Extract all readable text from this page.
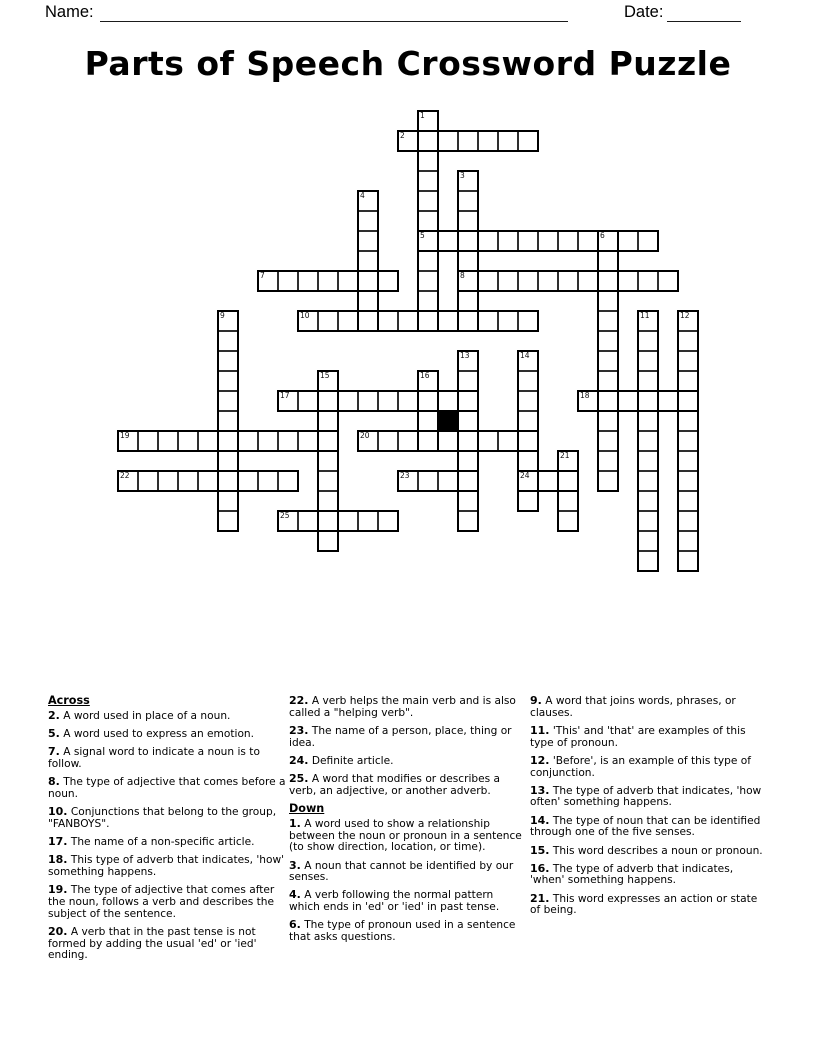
Name:	Date:
Parts of Speech Crossword Puzzle
1
2
3
4
5	6
7	8
9	10	11	12
13	14
15	16
17	18
19	20
21
22	23	24
25

Across

2. A word used in place of a noun.

5. A word used to express an emotion.

7. A signal word to indicate a noun is to follow.

8. The type of adjective that comes before a noun.

10. Conjunctions that belong to the group, "FANBOYS".

17. The name of a non-specific article.

18. This type of adverb that indicates, 'how' something happens.

19. The type of adjective that comes after the noun, follows a verb and describes the subject of the sentence.

20. A verb that in the past tense is not formed by adding the usual 'ed' or 'ied' ending.

22. A verb helps the main verb and is also called a "helping verb".

23. The name of a person, place, thing or idea.

24. Definite article.

25. A word that modifies or describes a verb, an adjective, or another adverb.

Down

1. A word used to show a relationship between the noun or pronoun in a sentence (to show direction, location, or time).

3. A noun that cannot be identified by our senses.

4. A verb following the normal pattern which ends in 'ed' or 'ied' in past tense.

6. The type of pronoun used in a sentence that asks questions.

9. A word that joins words, phrases, or clauses.

11. 'This' and 'that' are examples of this type of pronoun.

12. 'Before', is an example of this type of conjunction.

13. The type of adverb that indicates, 'how often' something happens.

14. The type of noun that can be identified through one of the five senses.

15. This word describes a noun or pronoun.

16. The type of adverb that indicates, 'when' something happens.

21. This word expresses an action or state of being.
